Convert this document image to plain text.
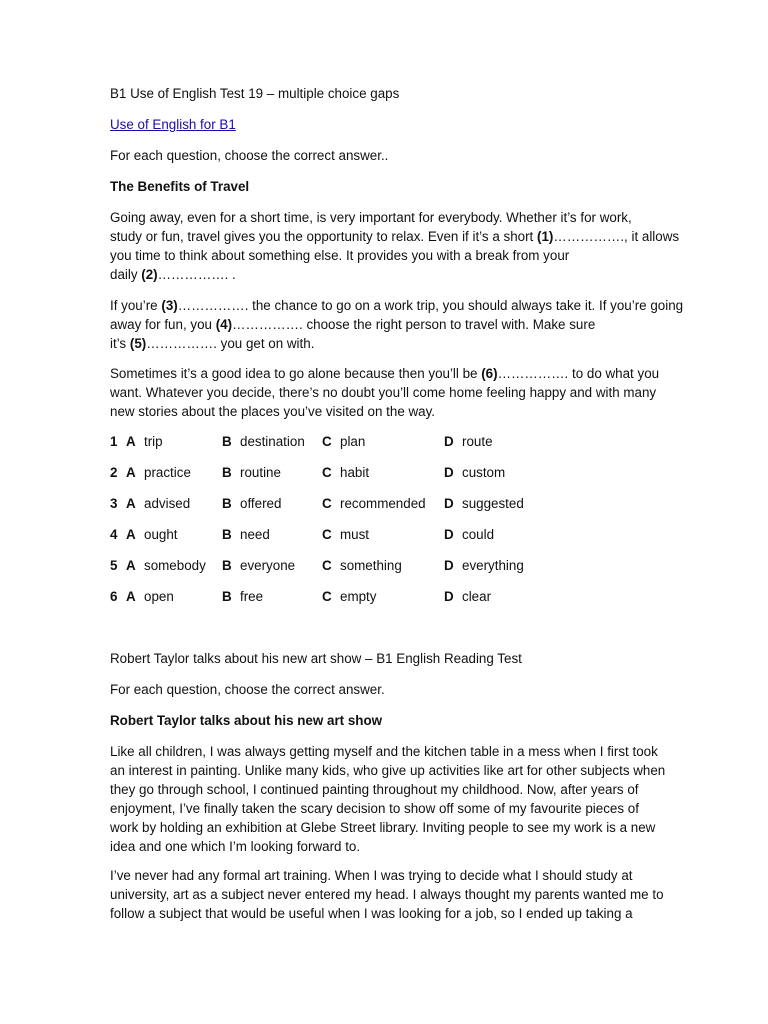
B1 Use of English Test 19 – multiple choice gaps
Use of English for B1
For each question, choose the correct answer..
The Benefits of Travel
Going away, even for a short time, is very important for everybody. Whether it’s for work,
study or fun, travel gives you the opportunity to relax. Even if it’s a short (1)……………., it allows
you time to think about something else. It provides you with a break from your
daily (2)……………. .
If you’re (3)……………. the chance to go on a work trip, you should always take it. If you’re going
away for fun, you (4)……………. choose the right person to travel with. Make sure
it’s (5)……………. you get on with.
Sometimes it’s a good idea to go alone because then you’ll be (6)……………. to do what you
want. Whatever you decide, there’s no doubt you’ll come home feeling happy and with many
new stories about the places you’ve visited on the way.
1 A trip	B destination C plan	D route
2 A practice B routine	C habit	D custom
3 A advised B offered	C recommended D suggested
4 A ought	B need	C must	D could
5 A somebody B everyone C something	D everything
6 A open	B free	C empty	D clear
Robert Taylor talks about his new art show – B1 English Reading Test
For each question, choose the correct answer.
Robert Taylor talks about his new art show
Like all children, I was always getting myself and the kitchen table in a mess when I first took
an interest in painting. Unlike many kids, who give up activities like art for other subjects when
they go through school, I continued painting throughout my childhood. Now, after years of
enjoyment, I’ve finally taken the scary decision to show off some of my favourite pieces of
work by holding an exhibition at Glebe Street library. Inviting people to see my work is a new
idea and one which I’m looking forward to.
I’ve never had any formal art training. When I was trying to decide what I should study at
university, art as a subject never entered my head. I always thought my parents wanted me to
follow a subject that would be useful when I was looking for a job, so I ended up taking a
